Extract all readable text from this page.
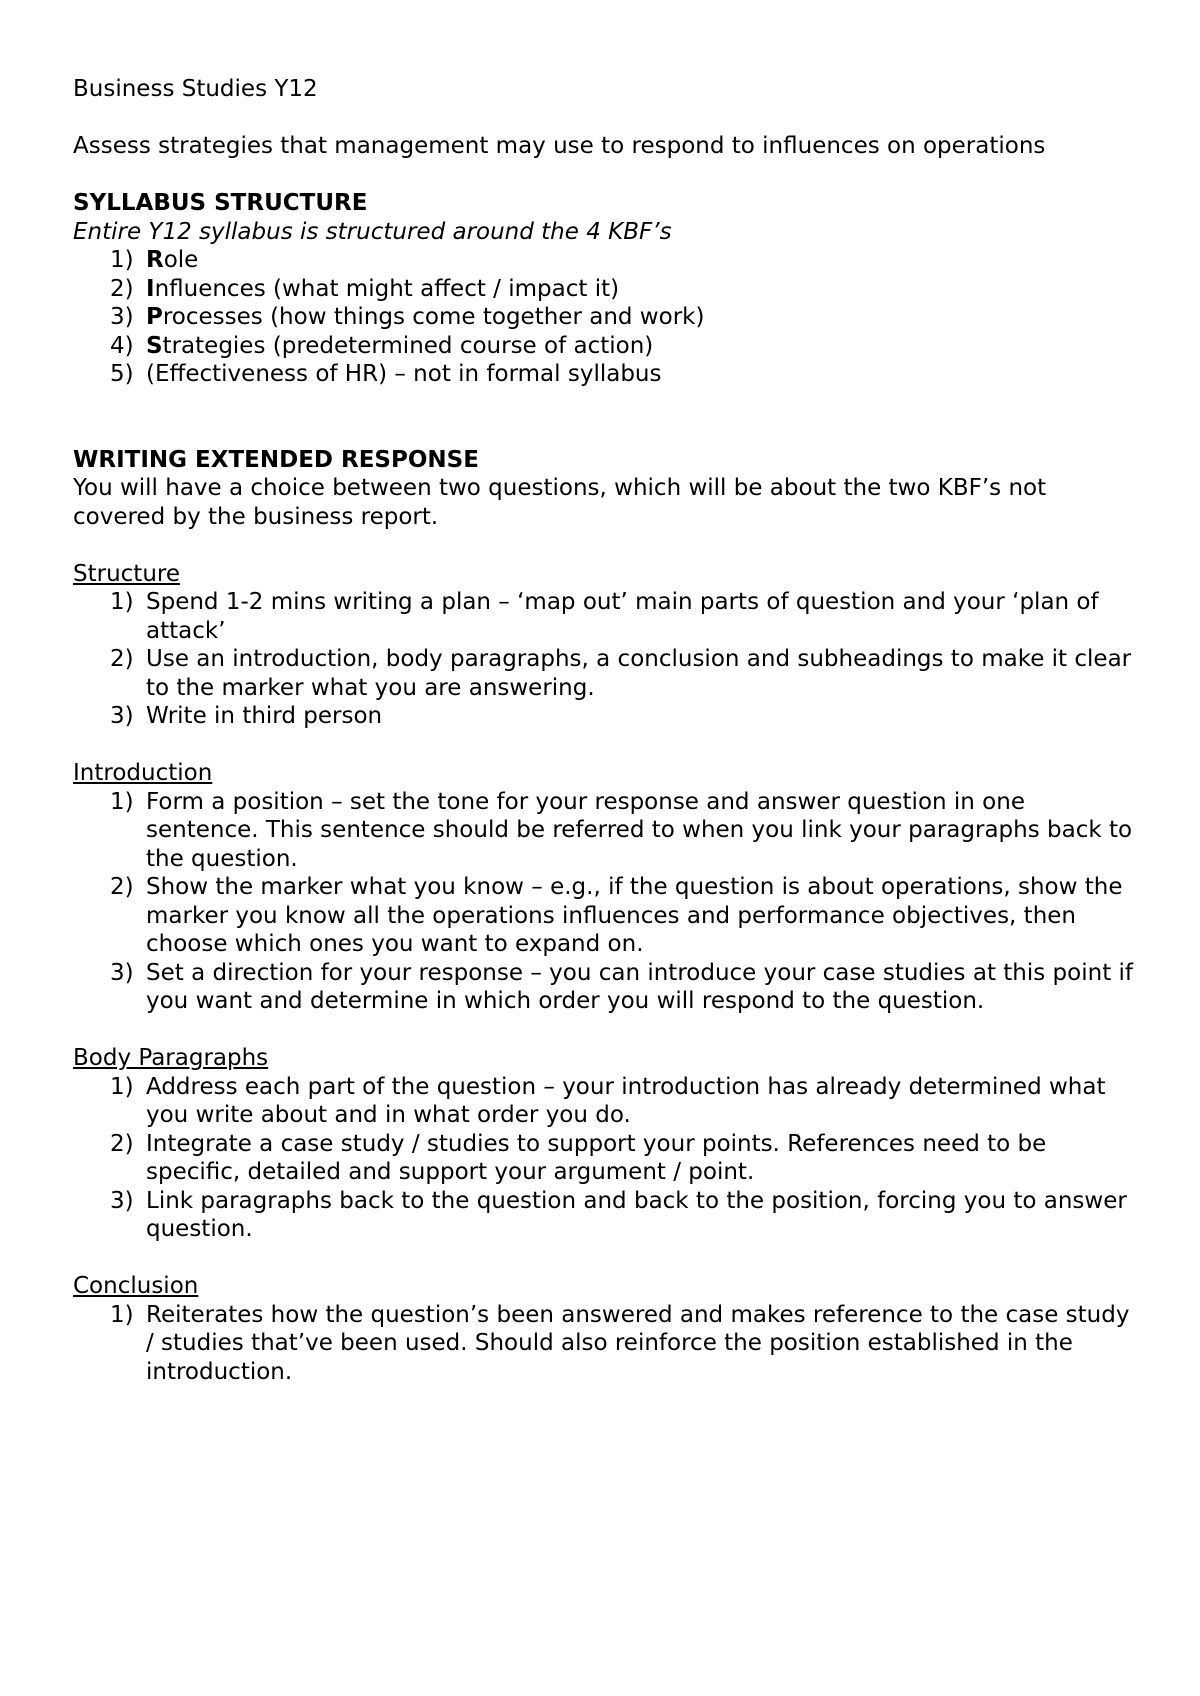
Business Studies Y12

Assess strategies that management may use to respond to influences on operations

SYLLABUS STRUCTURE

Entire Y12 syllabus is structured around the 4 KBF’s

1) Role
2) Influences (what might affect / impact it)
3) Processes (how things come together and work)
4) Strategies (predetermined course of action)
5) (Effectiveness of HR) – not in formal syllabus

WRITING EXTENDED RESPONSE

You will have a choice between two questions, which will be about the two KBF’s not covered by the business report.

Structure

1) Spend 1-2 mins writing a plan – ‘map out’ main parts of question and your ‘plan of attack’
2) Use an introduction, body paragraphs, a conclusion and subheadings to make it clear to the marker what you are answering.
3) Write in third person

Introduction

1) Form a position – set the tone for your response and answer question in one sentence. This sentence should be referred to when you link your paragraphs back to the question.
2) Show the marker what you know – e.g., if the question is about operations, show the marker you know all the operations influences and performance objectives, then choose which ones you want to expand on.
3) Set a direction for your response – you can introduce your case studies at this point if you want and determine in which order you will respond to the question.

Body Paragraphs

1) Address each part of the question – your introduction has already determined what you write about and in what order you do.
2) Integrate a case study / studies to support your points. References need to be specific, detailed and support your argument / point.
3) Link paragraphs back to the question and back to the position, forcing you to answer question.

Conclusion

1) Reiterates how the question’s been answered and makes reference to the case study / studies that’ve been used. Should also reinforce the position established in the introduction.
